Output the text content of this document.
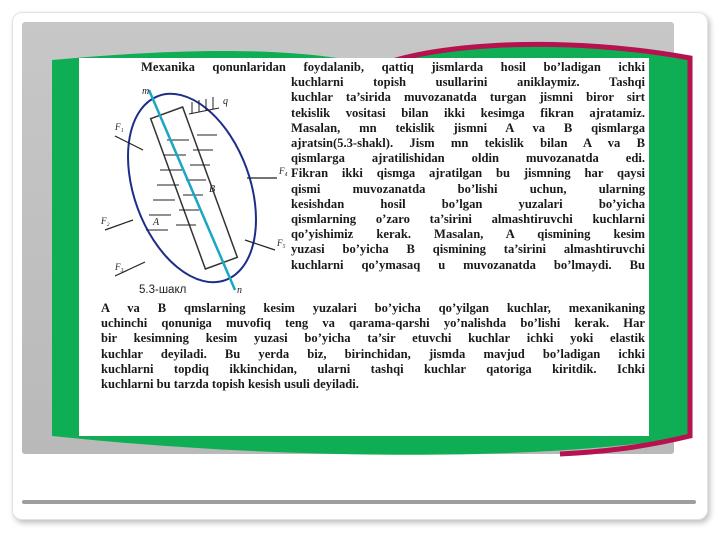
m
n
q
A
B
F₁
F₂
F₃
F₄
F₅
5.3-шакл
Mexanika qonunlaridan foydalanib, qattiq jismlarda hosil bo’ladigan ichki
kuchlarni topish usullarini aniklaymiz. Tashqi
kuchlar ta’sirida muvozanatda turgan jismni biror sirt
tekislik vositasi bilan ikki kesimga fikran ajratamiz.
Masalan, mn tekislik jismni A va B qismlarga
ajratsin(5.3-shakl). Jism mn tekislik bilan A va B
qismlarga ajratilishidan oldin muvozanatda edi.
Fikran ikki qismga ajratilgan bu jismning har qaysi
qismi muvozanatda bo’lishi uchun, ularning
kesishdan hosil bo’lgan yuzalari bo’yicha
qismlarning o’zaro ta’sirini almashtiruvchi kuchlarni
qo’yishimiz kerak. Masalan, A qismining kesim
yuzasi bo’yicha B qismining ta’sirini almashtiruvchi
kuchlarni qo’ymasaq u muvozanatda bo’lmaydi. Bu
A va B qmslarning kesim yuzalari bo’yicha qo’yilgan kuchlar, mexanikaning
uchinchi qonuniga muvofiq teng va qarama-qarshi yo’nalishda bo’lishi kerak. Har
bir kesimning kesim yuzasi bo’yicha ta’sir etuvchi kuchlar ichki yoki elastik
kuchlar deyiladi. Bu yerda biz, birinchidan, jismda mavjud bo’ladigan ichki
kuchlarni topdiq ikkinchidan, ularni tashqi kuchlar qatoriga kiritdik. Ichki
kuchlarni bu tarzda topish kesish usuli deyiladi.
